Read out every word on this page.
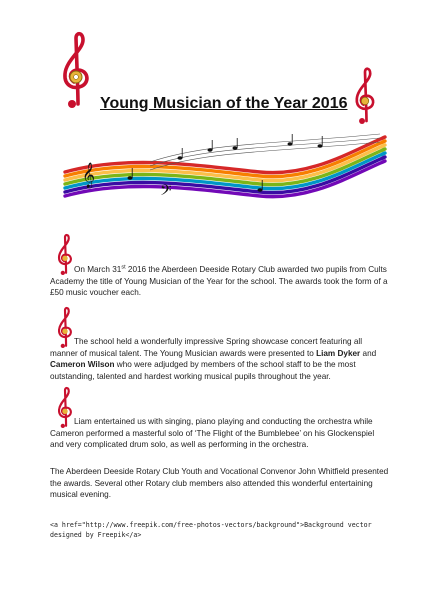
Young Musician of the Year 2016
𝄞
𝄢
On March 31st 2016 the Aberdeen Deeside Rotary Club awarded two pupils from Cults Academy the title of Young Musician of the Year for the school. The awards took the form of a £50 music voucher each.
The school held a wonderfully impressive Spring showcase concert featuring all manner of musical talent. The Young Musician awards were presented to Liam Dyker and Cameron Wilson who were adjudged by members of the school staff to be the most outstanding, talented and hardest working musical pupils throughout the year.
Liam entertained us with singing, piano playing and conducting the orchestra while Cameron performed a masterful solo of ‘The Flight of the Bumblebee’ on his Glockenspiel and very complicated drum solo, as well as performing in the orchestra.
The Aberdeen Deeside Rotary Club Youth and Vocational Convenor John Whitfield presented the awards. Several other Rotary club members also attended this wonderful entertaining musical evening.
<a href="http://www.freepik.com/free-photos-vectors/background">Background vector designed by Freepik</a>
